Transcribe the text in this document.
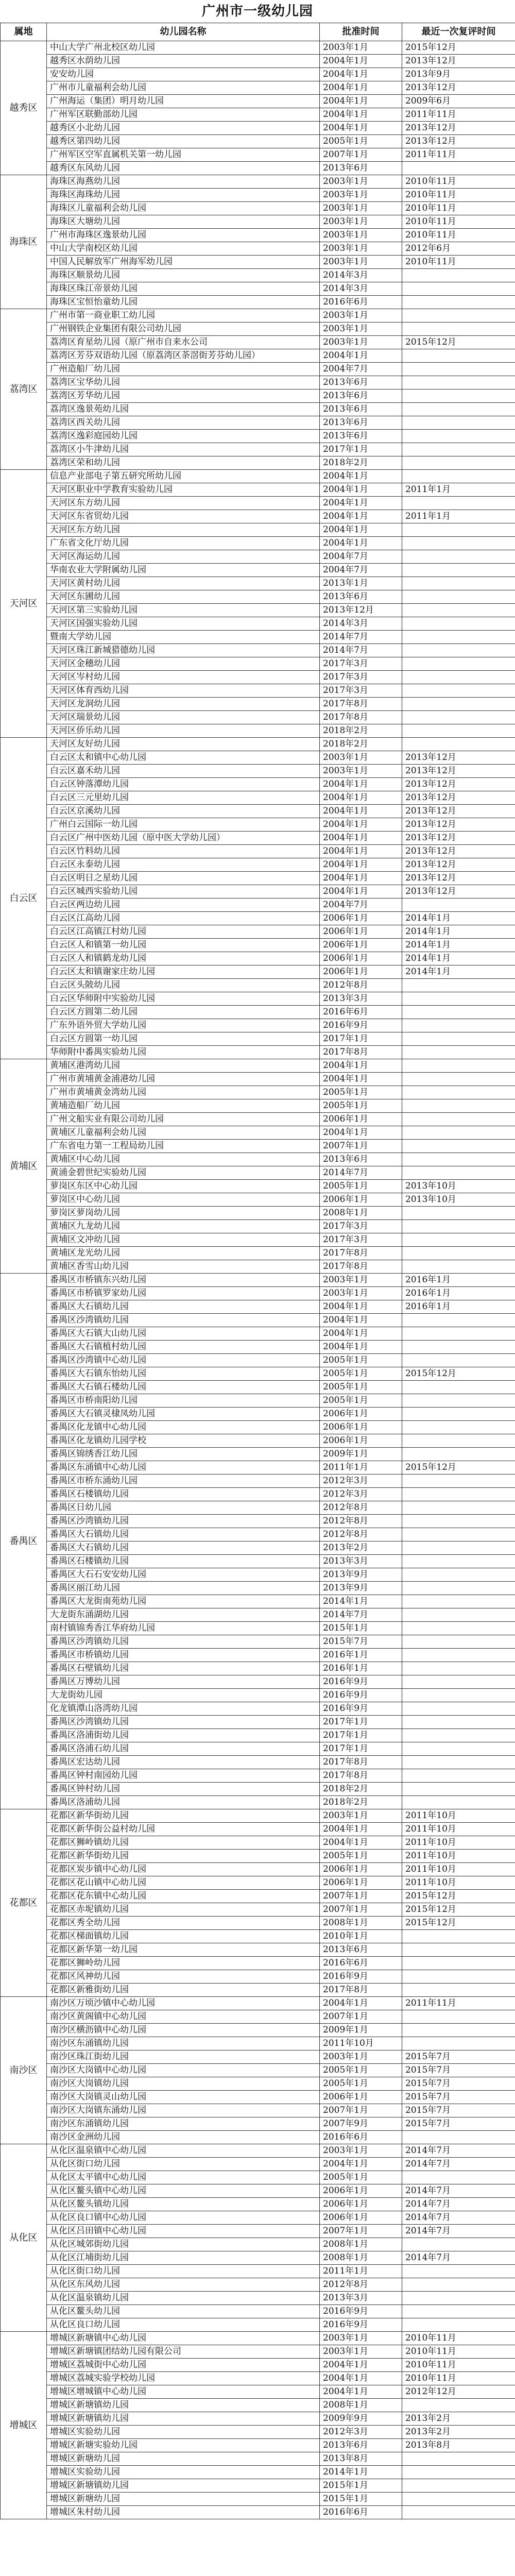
广州市一级幼儿园
属地	幼儿园名称	批准时间	最近一次复评时间
越秀区	中山大学广州北校区幼儿园	2003年1月	2015年12月
	越秀区水荫幼儿园	2004年1月	2013年12月
	安安幼儿园	2004年1月	2013年9月
	广州市儿童福利会幼儿园	2004年1月	2013年12月
	广州海运（集团）明月幼儿园	2004年1月	2009年6月
	广州军区联勤部幼儿园	2004年1月	2011年11月
	越秀区小北幼儿园	2004年1月	2013年12月
	越秀区第四幼儿园	2005年1月	2013年12月
	广州军区空军直属机关第一幼儿园	2007年1月	2011年11月
	越秀区东风幼儿园	2013年6月	
海珠区	海珠区海燕幼儿园	2003年1月	2010年11月
	海珠区海珠幼儿园	2003年1月	2010年11月
	海珠区儿童福利会幼儿园	2003年1月	2010年11月
	海珠区大塘幼儿园	2003年1月	2010年11月
	广州市海珠区逸景幼儿园	2003年1月	2010年11月
	中山大学南校区幼儿园	2003年1月	2012年6月
	中国人民解放军广州海军幼儿园	2003年1月	2010年11月
	海珠区顺景幼儿园	2014年3月	
	海珠区珠江帝景幼儿园	2014年3月	
	海珠区宝恒怡童幼儿园	2016年6月	
荔湾区	广州市第一商业职工幼儿园	2003年1月	
	广州钢铁企业集团有限公司幼儿园	2003年1月	
	荔湾区育星幼儿园（原广州市自来水公司	2003年1月	2015年12月
	荔湾区芳芬双语幼儿园（原荔湾区荼滘街芳芬幼儿园）	2004年1月	
	广州造船厂幼儿园	2004年7月	
	荔湾区宝华幼儿园	2013年6月	
	荔湾区芳华幼儿园	2013年6月	
	荔湾区逸景苑幼儿园	2013年6月	
	荔湾区西关幼儿园	2013年6月	
	荔湾区逸彩庭园幼儿园	2013年6月	
	荔湾区小牛津幼儿园	2017年1月	
	荔湾区荣和幼儿园	2018年2月	
天河区	信息产业部电子第五研究所幼儿园	2004年1月	
	天河区职业中学教育实验幼儿园	2004年1月	2011年1月
	天河区东方幼儿园	2004年1月	
	天河区东省贸幼儿园	2004年1月	2011年1月
	天河区东方幼儿园	2004年1月	
	广东省文化厅幼儿园	2004年1月	
	天河区海运幼儿园	2004年7月	
	华南农业大学附属幼儿园	2004年7月	
	天河区黄村幼儿园	2013年1月	
	天河区东圃幼儿园	2013年6月	
	天河区第三实验幼儿园	2013年12月	
	天河区国强实验幼儿园	2014年3月	
	暨南大学幼儿园	2014年7月	
	天河区珠江新城猎德幼儿园	2014年7月	
	天河区金穗幼儿园	2017年3月	
	天河区岑村幼儿园	2017年3月	
	天河区体育西幼儿园	2017年3月	
	天河区龙洞幼儿园	2017年8月	
	天河区瑞景幼儿园	2017年8月	
	天河区侨乐幼儿园	2018年2月	
白云区	天河区友好幼儿园	2018年2月	
	白云区太和镇中心幼儿园	2003年1月	2013年12月
	白云区嘉禾幼儿园	2003年1月	2013年12月
	白云区钟落潭幼儿园	2004年1月	2013年12月
	白云区三元里幼儿园	2004年1月	2013年12月
	白云区京溪幼儿园	2004年1月	2013年12月
	广州白云国际一幼儿园	2004年1月	2013年12月
	白云区广州中医幼儿园（原中医大学幼儿园）	2004年1月	2013年12月
	白云区竹料幼儿园	2004年1月	2013年12月
	白云区永泰幼儿园	2004年1月	2013年12月
	白云区明日之星幼儿园	2004年1月	2013年12月
	白云区城西实验幼儿园	2004年1月	2013年12月
	白云区两边幼儿园	2004年7月	
	白云区江高幼儿园	2006年1月	2014年1月
	白云区江高镇江村幼儿园	2006年1月	2014年1月
	白云区人和镇第一幼儿园	2006年1月	2014年1月
	白云区人和镇鹤龙幼儿园	2006年1月	2014年1月
	白云区太和镇谢家庄幼儿园	2006年1月	2014年1月
	白云区头陂幼儿园	2012年8月	
	白云区华师附中实验幼儿园	2013年3月	
	白云区方圆第二幼儿园	2016年6月	
	广东外语外贸大学幼儿园	2016年9月	
	白云区方圆第一幼儿园	2017年1月	
	华师附中番禺实验幼儿园	2017年8月	
黄埔区	黄埔区港湾幼儿园	2004年1月	
	广州市黄埔黄金浦港幼儿园	2004年1月	
	广州市黄埔黄金湾幼儿园	2005年1月	
	黄埔造船厂幼儿园	2005年1月	
	广州文船实业有限公司幼儿园	2006年1月	
	黄埔区儿童福利会幼儿园	2004年1月	
	广东省电力第一工程局幼儿园	2007年1月	
	黄埔区中心幼儿园	2013年6月	
	黄浦金碧世纪实验幼儿园	2014年7月	
	萝岗区东区中心幼儿园	2005年1月	2013年10月
	萝岗区中心幼儿园	2006年1月	2013年10月
	萝岗区萝岗幼儿园	2008年1月	
	黄埔区九龙幼儿园	2017年3月	
	黄埔区文冲幼儿园	2017年3月	
	黄埔区龙光幼儿园	2017年8月	
	黄埔区香雪山幼儿园	2017年8月	
番禺区	番禺区市桥镇东兴幼儿园	2003年1月	2016年1月
	番禺区市桥镇罗家幼儿园	2003年1月	2016年1月
	番禺区大石镇幼儿园	2004年1月	2016年1月
	番禺区沙湾镇幼儿园	2004年1月	
	番禺区大石镇大山幼儿园	2004年1月	
	番禺区大石镇植村幼儿园	2004年1月	
	番禺区沙湾镇中心幼儿园	2005年1月	
	番禺区大石镇东怡幼儿园	2005年1月	2015年12月
	番禺区大石镇石楼幼儿园	2005年1月	
	番禺区市桥南阳幼儿园	2005年1月	
	番禺区大石镇灵棣凤幼儿园	2006年1月	
	番禺区化龙镇中心幼儿园	2006年1月	
	番禺区化龙镇幼儿园学校	2006年1月	
	番禺区锦绣香江幼儿园	2009年1月	
	番禺区东涌镇中心幼儿园	2011年1月	2015年12月
	番禺区市桥东涌幼儿园	2012年3月	
	番禺区石楼镇幼儿园	2012年3月	
	番禺区日幼儿园	2012年8月	
	番禺区沙湾镇幼儿园	2012年8月	
	番禺区大石镇幼儿园	2012年8月	
	番禺区大石镇幼儿园	2013年2月	
	番禺区石楼镇幼儿园	2013年3月	
	番禺区大石石安安幼儿园	2013年9月	
	番禺区丽江幼儿园	2013年9月	
	番禺区大龙街南苑幼儿园	2014年1月	
	大龙街东涌湖幼儿园	2014年7月	
	南村镇锦秀香江华府幼儿园	2015年1月	
	番禺区沙湾镇幼儿园	2015年7月	
	番禺区市桥镇幼儿园	2016年1月	
	番禺区石壁镇幼儿园	2016年1月	
	番禺区万博幼儿园	2016年9月	
	大龙街幼儿园	2016年9月	
	化龙镇潭山洛湾幼儿园	2016年9月	
	番禺区沙湾镇幼儿园	2017年1月	
	番禺区洛浦街幼儿园	2017年1月	
	番禺区洛浦石幼儿园	2017年1月	
	番禺区宏达幼儿园	2017年8月	
	番禺区钟村南园幼儿园	2017年8月	
	番禺区钟村幼儿园	2018年2月	
	番禺区洛浦幼儿园	2018年2月	
花都区	花都区新华街幼儿园	2003年1月	2011年10月
	花都区新华街公益村幼儿园	2004年1月	2011年10月
	花都区狮岭镇幼儿园	2004年1月	2011年10月
	花都区新华街幼儿园	2005年1月	2011年10月
	花都区炭步镇中心幼儿园	2006年1月	2011年10月
	花都区花山镇中心幼儿园	2006年1月	2011年10月
	花都区花东镇中心幼儿园	2007年1月	2015年12月
	花都区赤坭镇幼儿园	2007年1月	2015年12月
	花都区秀全幼儿园	2008年1月	2015年12月
	花都区梯面镇幼儿园	2010年1月	
	花都区新华第一幼儿园	2013年6月	
	花都区狮岭幼儿园	2016年6月	
	花都区风神幼儿园	2016年9月	
	花都区新雅街幼儿园	2017年8月	
南沙区	南沙区万顷沙镇中心幼儿园	2004年1月	2011年11月
	南沙区黄阁镇中心幼儿园	2007年1月	
	南沙区横沥镇中心幼儿园	2009年1月	
	南沙区东涌镇幼儿园	2011年10月	
	南沙区珠江街幼儿园	2003年1月	2015年7月
	南沙区大岗镇中心幼儿园	2005年1月	2015年7月
	南沙区大岗镇幼儿园	2005年1月	2015年7月
	南沙区大岗镇灵山幼儿园	2006年1月	2015年7月
	南沙区大岗镇东涌幼儿园	2007年1月	2015年7月
	南沙区东涌镇幼儿园	2007年9月	2015年7月
	南沙区金洲幼儿园	2016年6月	
从化区	从化区温泉镇中心幼儿园	2003年1月	2014年7月
	从化区街口幼儿园	2004年1月	2014年7月
	从化区太平镇中心幼儿园	2005年1月	
	从化区鳌头镇中心幼儿园	2006年1月	2014年7月
	从化区鳌头镇幼儿园	2006年1月	2014年7月
	从化区良口镇中心幼儿园	2006年1月	2014年7月
	从化区吕田镇中心幼儿园	2007年1月	2014年7月
	从化区城郊街幼儿园	2008年1月	
	从化区江埔街幼儿园	2008年1月	2014年7月
	从化区街口幼儿园	2011年1月	
	从化区东风幼儿园	2012年8月	
	从化区温泉镇幼儿园	2013年3月	
	从化区鳌头幼儿园	2016年9月	
	从化区良口幼儿园	2016年9月	
增城区	增城区新塘镇中心幼儿园	2003年1月	2010年11月
	增城区新塘镇团结幼儿园有限公司	2003年1月	2010年11月
	增城区荔城街中心幼儿园	2004年1月	2010年11月
	增城区荔城实验学校幼儿园	2004年1月	2010年11月
	增城区增城镇中心幼儿园	2004年1月	2012年12月
	增城区新塘镇幼儿园	2008年1月	
	增城区新塘镇幼儿园	2009年9月	2013年2月
	增城区实验幼儿园	2012年3月	2013年2月
	增城区新塘实验幼儿园	2013年6月	2013年8月
	增城区新塘幼儿园	2013年8月	
	增城区实验幼儿园	2014年1月	
	增城区新塘镇幼儿园	2015年1月	
	增城区新塘幼儿园	2015年1月	
	增城区朱村幼儿园	2016年6月	
